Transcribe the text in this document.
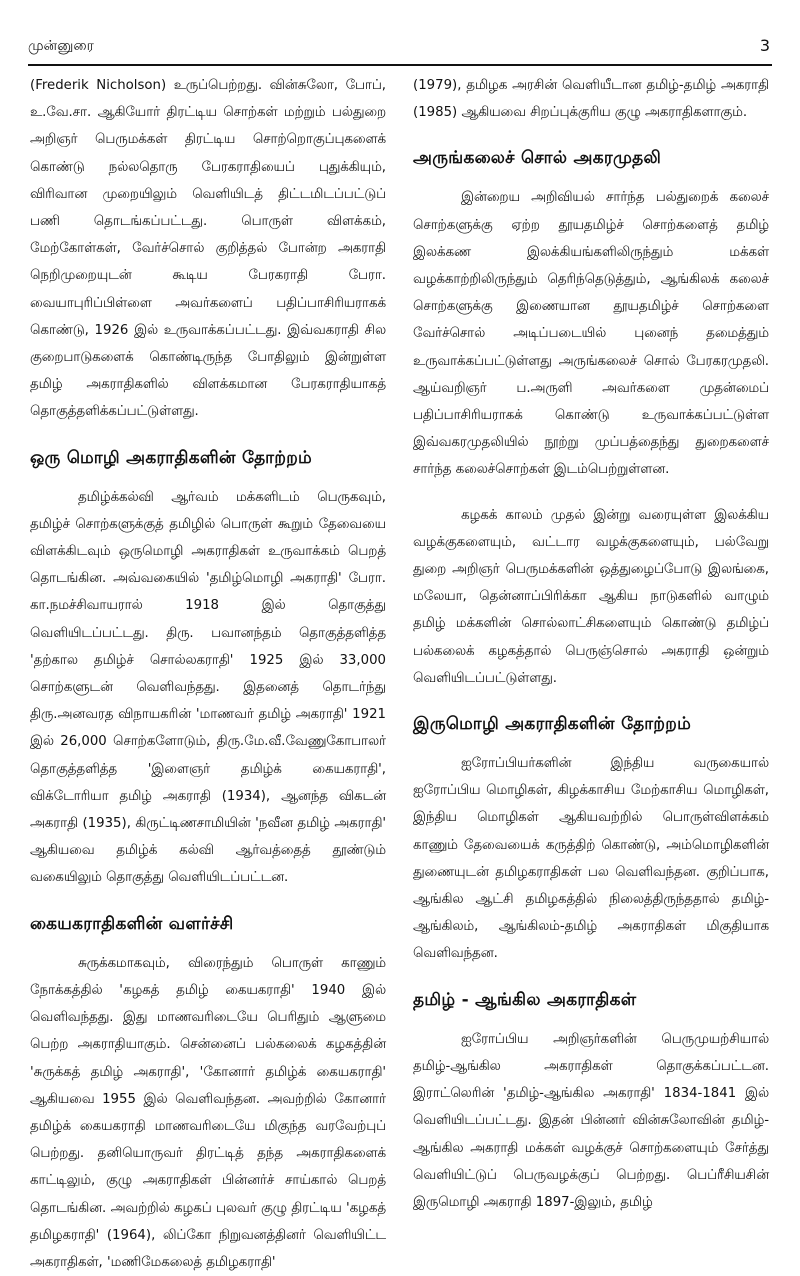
முன்னுரை	3

(Frederik Nicholson) உருப்பெற்றது. வின்சுலோ, போப், உ.வே.சா. ஆகியோர் திரட்டிய சொற்கள் மற்றும் பல்துறை அறிஞர் பெருமக்கள் திரட்டிய சொற்றொகுப்புகளைக் கொண்டு நல்லதொரு பேரகராதியைப் புதுக்கியும், விரிவான முறையிலும் வெளியிடத் திட்டமிடப்பட்டுப் பணி தொடங்கப்பட்டது. பொருள் விளக்கம், மேற்கோள்கள், வேர்ச்சொல் குறித்தல் போன்ற அகராதி நெறிமுறையுடன் கூடிய பேரகராதி பேரா. வையாபுரிப்பிள்ளை அவர்களைப் பதிப்பாசிரியராகக் கொண்டு, 1926 இல் உருவாக்கப்பட்டது. இவ்வகராதி சில குறைபாடுகளைக் கொண்டிருந்த போதிலும் இன்றுள்ள தமிழ் அகராதிகளில் விளக்கமான பேரகராதியாகத் தொகுத்தளிக்கப்பட்டுள்ளது.

ஒரு மொழி அகராதிகளின் தோற்றம்

தமிழ்க்கல்வி ஆர்வம் மக்களிடம் பெருகவும், தமிழ்ச் சொற்களுக்குத் தமிழில் பொருள் கூறும் தேவையை விளக்கிடவும் ஒருமொழி அகராதிகள் உருவாக்கம் பெறத் தொடங்கின. அவ்வகையில் 'தமிழ்மொழி அகராதி' பேரா. கா.நமச்சிவாயரால் 1918 இல் தொகுத்து வெளியிடப்பட்டது. திரு. பவானந்தம் தொகுத்தளித்த 'தற்கால தமிழ்ச் சொல்லகராதி' 1925 இல் 33,000 சொற்களுடன் வெளிவந்தது. இதனைத் தொடர்ந்து திரு.அனவரத விநாயகரின் 'மாணவர் தமிழ் அகராதி' 1921 இல் 26,000 சொற்களோடும், திரு.மே.வீ.வேணுகோபாலர் தொகுத்தளித்த 'இளைஞர் தமிழ்க் கையகராதி', விக்டோரியா தமிழ் அகராதி (1934), ஆனந்த விகடன் அகராதி (1935), கிருட்டிணசாமியின் 'நவீன தமிழ் அகராதி' ஆகியவை தமிழ்க் கல்வி ஆர்வத்தைத் தூண்டும் வகையிலும் தொகுத்து வெளியிடப்பட்டன.

கையகராதிகளின் வளர்ச்சி

சுருக்கமாகவும், விரைந்தும் பொருள் காணும் நோக்கத்தில் 'கழகத் தமிழ் கையகராதி' 1940 இல் வெளிவந்தது. இது மாணவரிடையே பெரிதும் ஆளுமை பெற்ற அகராதியாகும். சென்னைப் பல்கலைக் கழகத்தின் 'சுருக்கத் தமிழ் அகராதி', 'கோனார் தமிழ்க் கையகராதி' ஆகியவை 1955 இல் வெளிவந்தன. அவற்றில் கோனார் தமிழ்க் கையகராதி மாணவரிடையே மிகுந்த வரவேற்புப் பெற்றது. தனியொருவர் திரட்டித் தந்த அகராதிகளைக் காட்டிலும், குழு அகராதிகள் பின்னர்ச் சாய்கால் பெறத் தொடங்கின. அவற்றில் கழகப் புலவர் குழு திரட்டிய 'கழகத் தமிழகராதி' (1964), லிப்கோ நிறுவனத்தினர் வெளியிட்ட அகராதிகள், 'மணிமேகலைத் தமிழகராதி'

(1979), தமிழக அரசின் வெளியீடான தமிழ்-தமிழ் அகராதி (1985) ஆகியவை சிறப்புக்குரிய குழு அகராதிகளாகும்.

அருங்கலைச் சொல் அகரமுதலி

இன்றைய அறிவியல் சார்ந்த பல்துறைக் கலைச் சொற்களுக்கு ஏற்ற தூயதமிழ்ச் சொற்களைத் தமிழ் இலக்கண இலக்கியங்களிலிருந்தும் மக்கள் வழக்காற்றிலிருந்தும் தெரிந்தெடுத்தும், ஆங்கிலக் கலைச் சொற்களுக்கு இணையான தூயதமிழ்ச் சொற்களை வேர்ச்சொல் அடிப்படையில் புனைந் தமைத்தும் உருவாக்கப்பட்டுள்ளது அருங்கலைச் சொல் பேரகரமுதலி. ஆய்வறிஞர் ப.அருளி அவர்களை முதன்மைப் பதிப்பாசிரியராகக் கொண்டு உருவாக்கப்பட்டுள்ள இவ்வகரமுதலியில் நூற்று முப்பத்தைந்து துறைகளைச் சார்ந்த கலைச்சொற்கள் இடம்பெற்றுள்ளன.

கழகக் காலம் முதல் இன்று வரையுள்ள இலக்கிய வழக்குகளையும், வட்டார வழக்குகளையும், பல்வேறு துறை அறிஞர் பெருமக்களின் ஒத்துழைப்போடு இலங்கை, மலேயா, தென்னாப்பிரிக்கா ஆகிய நாடுகளில் வாழும் தமிழ் மக்களின் சொல்லாட்சிகளையும் கொண்டு தமிழ்ப் பல்கலைக் கழகத்தால் பெருஞ்சொல் அகராதி ஒன்றும் வெளியிடப்பட்டுள்ளது.

இருமொழி அகராதிகளின் தோற்றம்

ஐரோப்பியர்களின் இந்திய வருகையால் ஐரோப்பிய மொழிகள், கிழக்காசிய மேற்காசிய மொழிகள், இந்திய மொழிகள் ஆகியவற்றில் பொருள்விளக்கம் காணும் தேவையைக் கருத்திற் கொண்டு, அம்மொழிகளின் துணையுடன் தமிழகராதிகள் பல வெளிவந்தன. குறிப்பாக, ஆங்கில ஆட்சி தமிழகத்தில் நிலைத்திருந்ததால் தமிழ்-ஆங்கிலம், ஆங்கிலம்-தமிழ் அகராதிகள் மிகுதியாக வெளிவந்தன.

தமிழ் - ஆங்கில அகராதிகள்

ஐரோப்பிய அறிஞர்களின் பெருமுயற்சியால் தமிழ்-ஆங்கில அகராதிகள் தொகுக்கப்பட்டன. இராட்லெரின் 'தமிழ்-ஆங்கில அகராதி' 1834-1841 இல் வெளியிடப்பட்டது. இதன் பின்னர் வின்சுலோவின் தமிழ்-ஆங்கில அகராதி மக்கள் வழக்குச் சொற்களையும் சேர்த்து வெளியிட்டுப் பெருவழக்குப் பெற்றது. பெப்ரீசியசின் இருமொழி அகராதி 1897-இலும், தமிழ்
